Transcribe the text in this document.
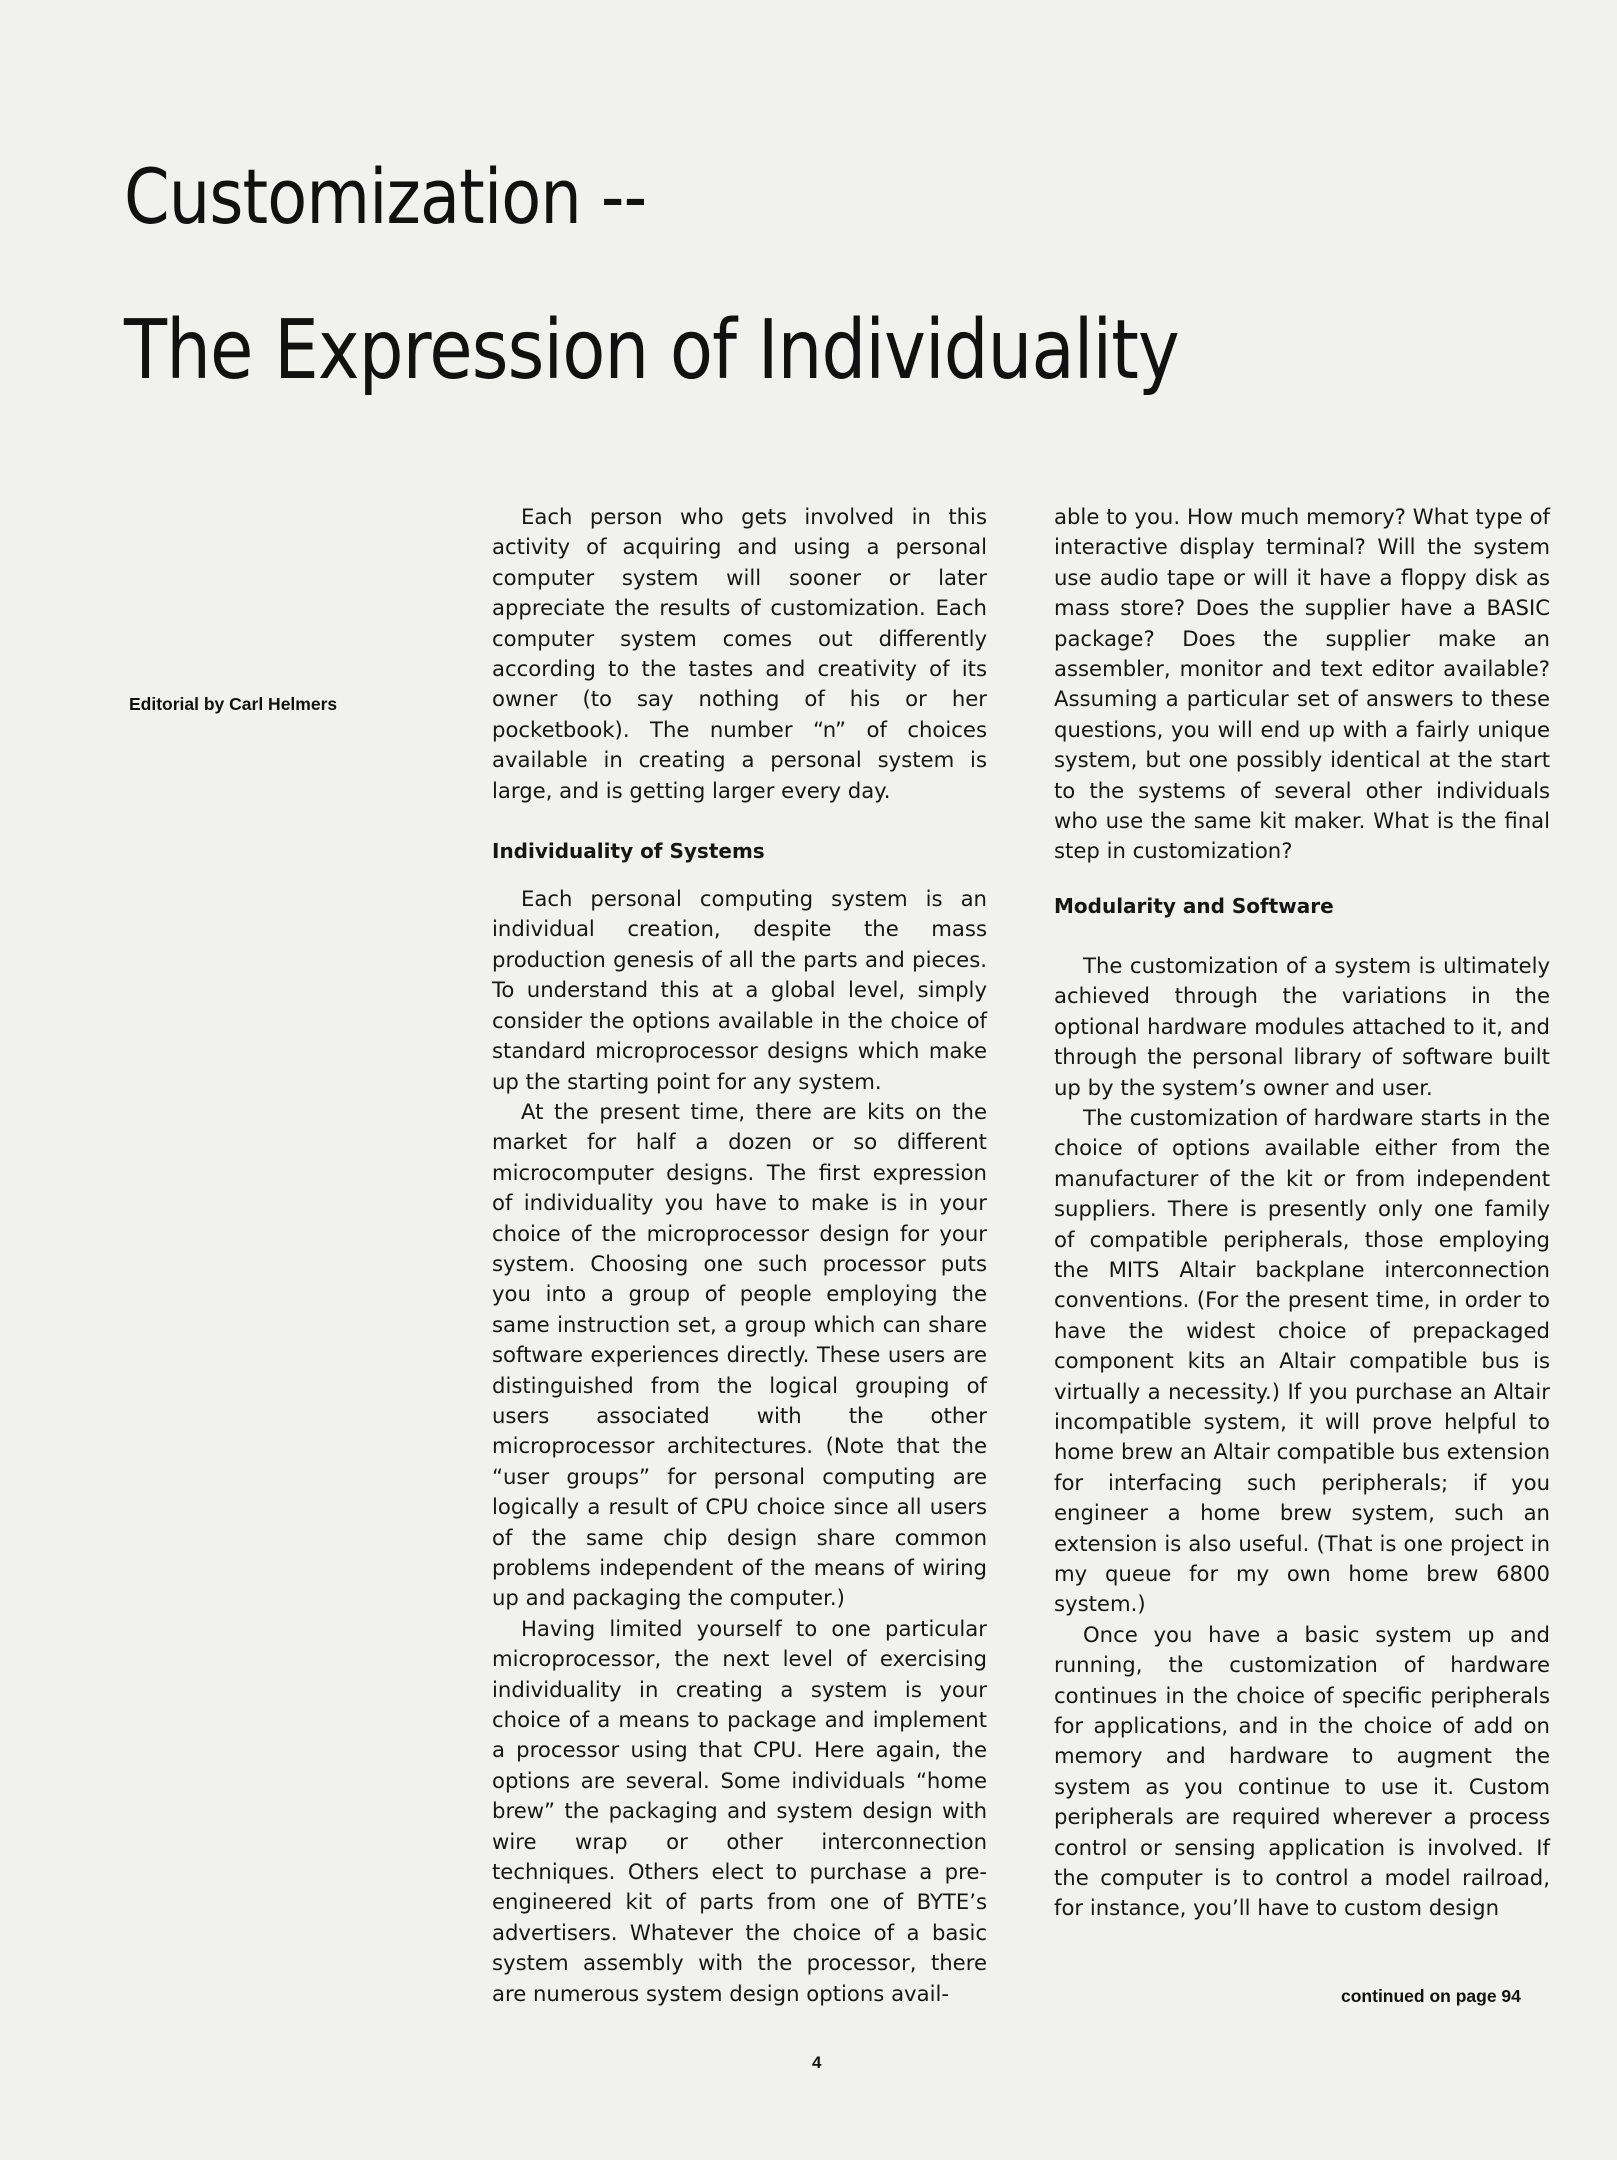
Customization --
The Expression of Individuality
Editorial by Carl Helmers

Each person who gets involved in this activity of acquiring and using a personal computer system will sooner or later appreciate the results of customization. Each computer system comes out differently according to the tastes and creativity of its owner (to say nothing of his or her pocketbook). The number “n” of choices available in creating a personal system is large, and is getting larger every day.

Individuality of Systems

Each personal computing system is an individual creation, despite the mass production genesis of all the parts and pieces. To understand this at a global level, simply consider the options available in the choice of standard microprocessor designs which make up the starting point for any system.

At the present time, there are kits on the market for half a dozen or so different microcomputer designs. The first expression of individuality you have to make is in your choice of the microprocessor design for your system. Choosing one such processor puts you into a group of people employing the same instruction set, a group which can share software experiences directly. These users are distinguished from the logical grouping of users associated with the other microprocessor architectures. (Note that the “user groups” for personal computing are logically a result of CPU choice since all users of the same chip design share common problems independent of the means of wiring up and packaging the computer.)

Having limited yourself to one particular microprocessor, the next level of exercising individuality in creating a system is your choice of a means to package and implement a processor using that CPU. Here again, the options are several. Some individuals “home brew” the packaging and system design with wire wrap or other interconnection techniques. Others elect to purchase a pre-engineered kit of parts from one of BYTE’s advertisers. Whatever the choice of a basic system assembly with the processor, there are numerous system design options avail-

able to you. How much memory? What type of interactive display terminal? Will the system use audio tape or will it have a floppy disk as mass store? Does the supplier have a BASIC package? Does the supplier make an assembler, monitor and text editor available? Assuming a particular set of answers to these questions, you will end up with a fairly unique system, but one possibly identical at the start to the systems of several other individuals who use the same kit maker. What is the final step in customization?

Modularity and Software

The customization of a system is ultimately achieved through the variations in the optional hardware modules attached to it, and through the personal library of software built up by the system’s owner and user.

The customization of hardware starts in the choice of options available either from the manufacturer of the kit or from independent suppliers. There is presently only one family of compatible peripherals, those employing the MITS Altair backplane interconnection conventions. (For the present time, in order to have the widest choice of prepackaged component kits an Altair compatible bus is virtually a necessity.) If you purchase an Altair incompatible system, it will prove helpful to home brew an Altair compatible bus extension for interfacing such peripherals; if you engineer a home brew system, such an extension is also useful. (That is one project in my queue for my own home brew 6800 system.)

Once you have a basic system up and running, the customization of hardware continues in the choice of specific peripherals for applications, and in the choice of add on memory and hardware to augment the system as you continue to use it. Custom peripherals are required wherever a process control or sensing application is involved. If the computer is to control a model railroad, for instance, you’ll have to custom design

continued on page 94
4
